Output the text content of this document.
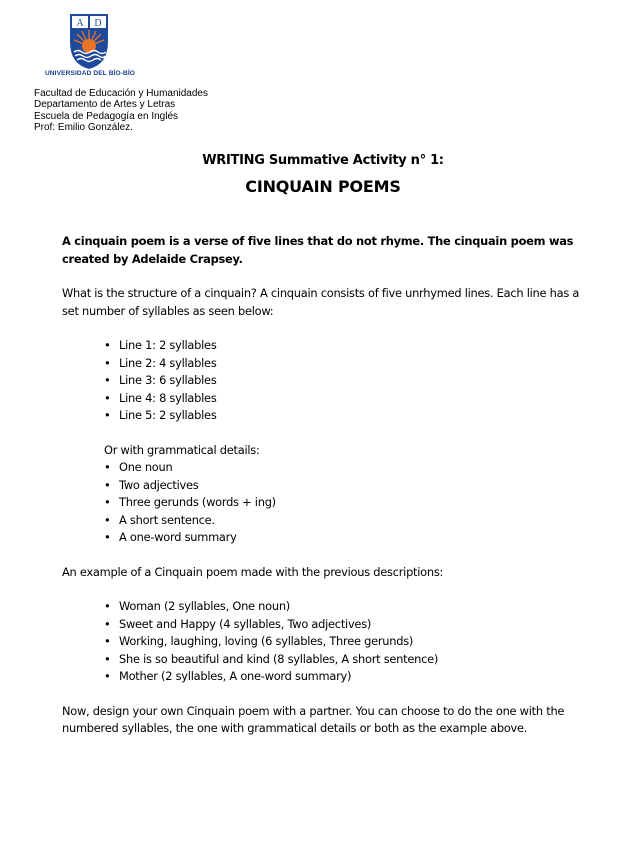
A D
UNIVERSIDAD DEL BÍO-BÍO
Facultad de Educación y Humanidades
Departamento de Artes y Letras
Escuela de Pedagogía en Inglés
Prof: Emilio González.
WRITING Summative Activity n° 1:
CINQUAIN POEMS

A cinquain poem is a verse of five lines that do not rhyme. The cinquain poem was created by Adelaide Crapsey.

What is the structure of a cinquain? A cinquain consists of five unrhymed lines. Each line has a set number of syllables as seen below:

• Line 1: 2 syllables
• Line 2: 4 syllables
• Line 3: 6 syllables
• Line 4: 8 syllables
• Line 5: 2 syllables

Or with grammatical details:

• One noun
• Two adjectives
• Three gerunds (words + ing)
• A short sentence.
• A one-word summary

An example of a Cinquain poem made with the previous descriptions:

• Woman (2 syllables, One noun)
• Sweet and Happy (4 syllables, Two adjectives)
• Working, laughing, loving (6 syllables, Three gerunds)
• She is so beautiful and kind (8 syllables, A short sentence)
• Mother (2 syllables, A one-word summary)

Now, design your own Cinquain poem with a partner. You can choose to do the one with the numbered syllables, the one with grammatical details or both as the example above.
